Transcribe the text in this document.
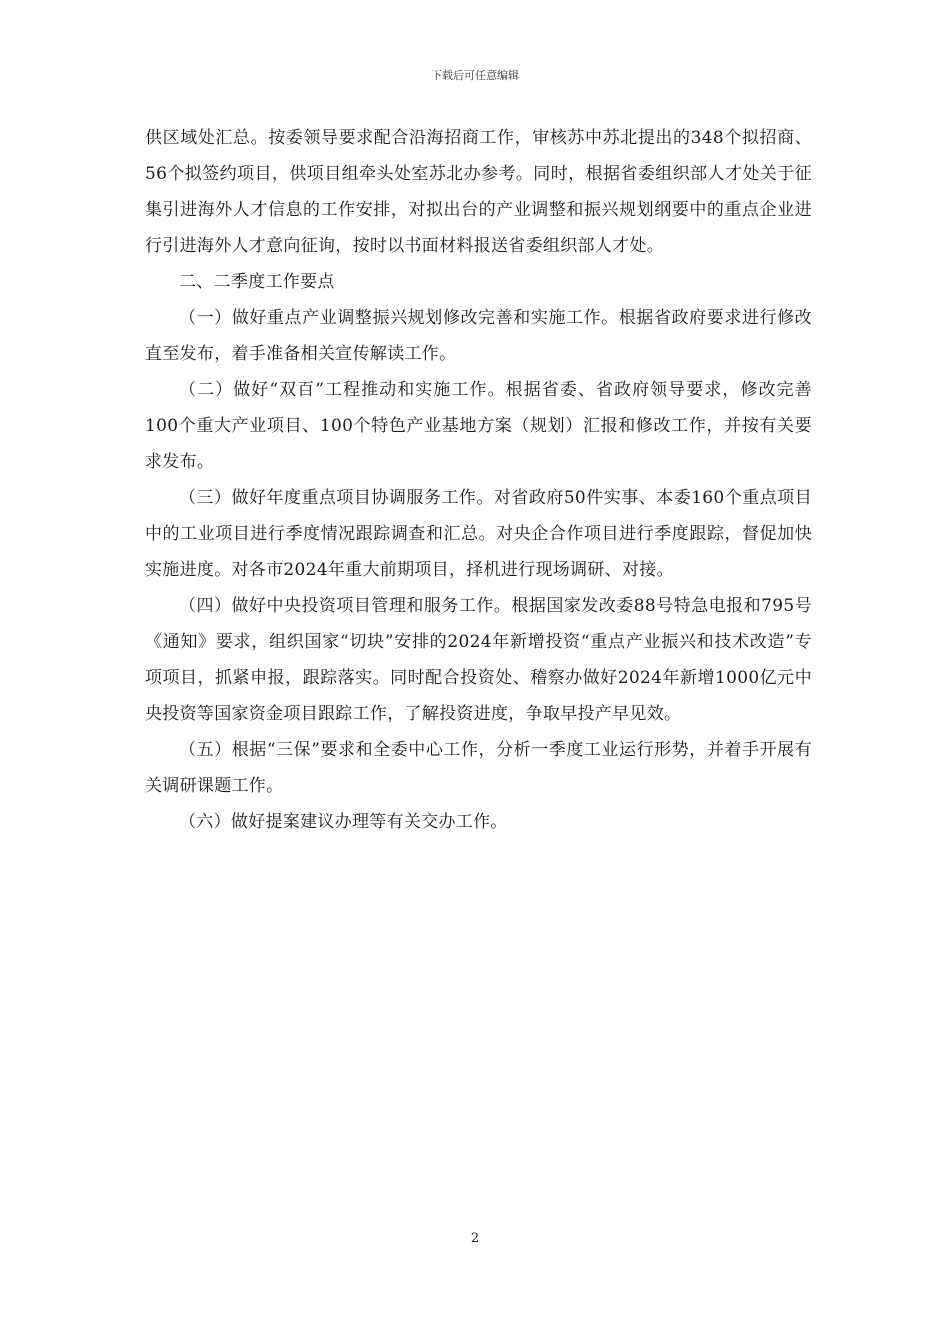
下载后可任意编辑

供区域处汇总。按委领导要求配合沿海招商工作，审核苏中苏北提出的348个拟招商、56个拟签约项目，供项目组牵头处室苏北办参考。同时，根据省委组织部人才处关于征集引进海外人才信息的工作安排，对拟出台的产业调整和振兴规划纲要中的重点企业进行引进海外人才意向征询，按时以书面材料报送省委组织部人才处。

二、二季度工作要点

（一）做好重点产业调整振兴规划修改完善和实施工作。根据省政府要求进行修改直至发布，着手准备相关宣传解读工作。

（二）做好“双百”工程推动和实施工作。根据省委、省政府领导要求，修改完善100个重大产业项目、100个特色产业基地方案（规划）汇报和修改工作，并按有关要求发布。

（三）做好年度重点项目协调服务工作。对省政府50件实事、本委160个重点项目中的工业项目进行季度情况跟踪调查和汇总。对央企合作项目进行季度跟踪，督促加快实施进度。对各市2024年重大前期项目，择机进行现场调研、对接。

（四）做好中央投资项目管理和服务工作。根据国家发改委88号特急电报和795号《通知》要求，组织国家“切块”安排的2024年新增投资“重点产业振兴和技术改造”专项项目，抓紧申报，跟踪落实。同时配合投资处、稽察办做好2024年新增1000亿元中央投资等国家资金项目跟踪工作，了解投资进度，争取早投产早见效。

（五）根据“三保”要求和全委中心工作，分析一季度工业运行形势，并着手开展有关调研课题工作。

（六）做好提案建议办理等有关交办工作。

2
